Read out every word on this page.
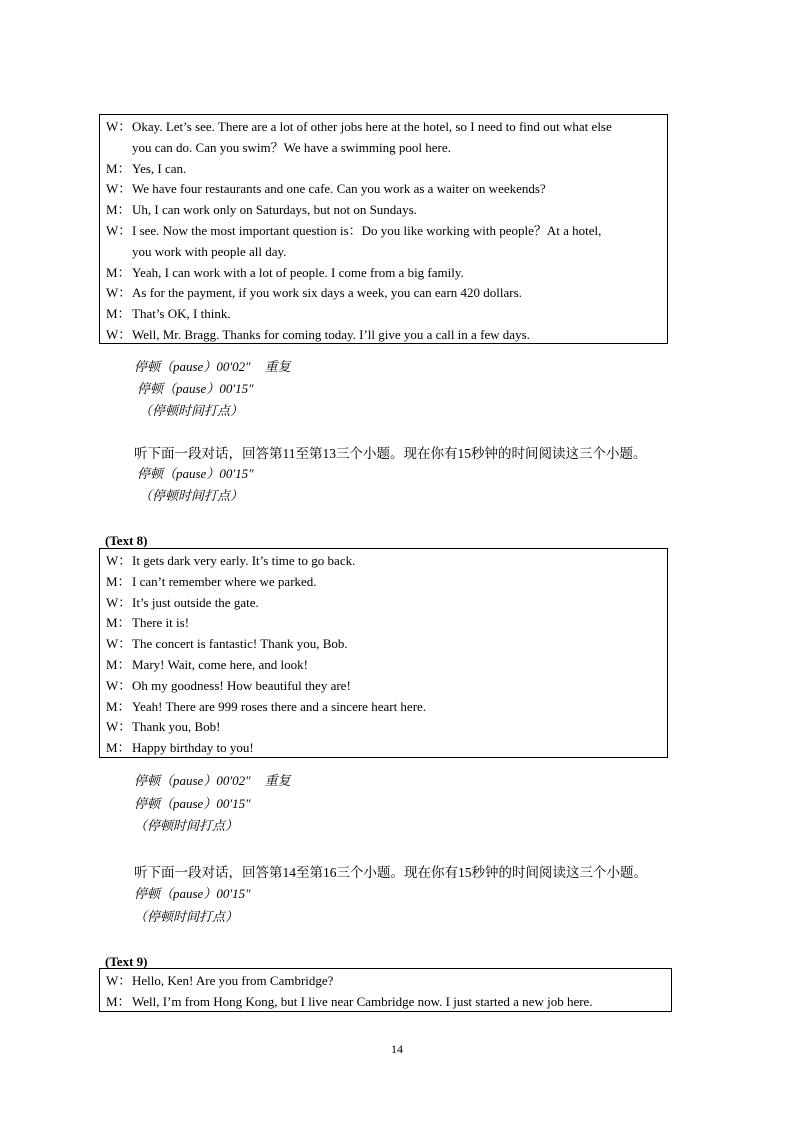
W：Okay. Let’s see. There are a lot of other jobs here at the hotel, so I need to find out what else
you can do. Can you swim？We have a swimming pool here.
M：Yes, I can.
W：We have four restaurants and one cafe. Can you work as a waiter on weekends?
M：Uh, I can work only on Saturdays, but not on Sundays.
W：I see. Now the most important question is：Do you like working with people？At a hotel,
you work with people all day.
M：Yeah, I can work with a lot of people. I come from a big family.
W：As for the payment, if you work six days a week, you can earn 420 dollars.
M：That’s OK, I think.
W：Well, Mr. Bragg. Thanks for coming today. I’ll give you a call in a few days.
停顿（pause）00′02″ 重复
停顿（pause）00′15″
（停顿时间打点）
听下面一段对话，回答第11至第13三个小题。现在你有15秒钟的时间阅读这三个小题。
停顿（pause）00′15″
（停顿时间打点）
(Text 8)
W：It gets dark very early. It’s time to go back.
M：I can’t remember where we parked.
W：It’s just outside the gate.
M：There it is!
W：The concert is fantastic! Thank you, Bob.
M：Mary! Wait, come here, and look!
W：Oh my goodness! How beautiful they are!
M：Yeah! There are 999 roses there and a sincere heart here.
W：Thank you, Bob!
M：Happy birthday to you!
停顿（pause）00′02″ 重复
停顿（pause）00′15″
（停顿时间打点）
听下面一段对话，回答第14至第16三个小题。现在你有15秒钟的时间阅读这三个小题。
停顿（pause）00′15″
（停顿时间打点）
(Text 9)
W：Hello, Ken! Are you from Cambridge?
M：Well, I’m from Hong Kong, but I live near Cambridge now. I just started a new job here.
14
